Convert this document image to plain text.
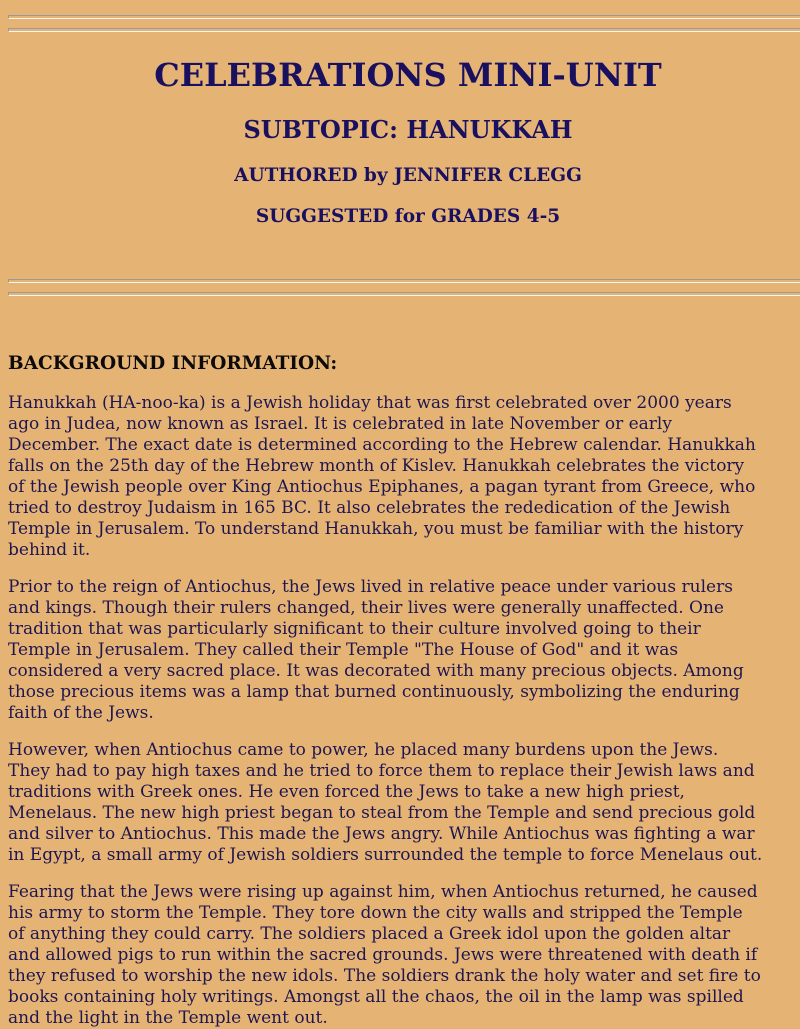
CELEBRATIONS MINI-UNIT
SUBTOPIC: HANUKKAH
AUTHORED by JENNIFER CLEGG
SUGGESTED for GRADES 4-5
BACKGROUND INFORMATION:
Hanukkah (HA-noo-ka) is a Jewish holiday that was first celebrated over 2000 years
ago in Judea, now known as Israel. It is celebrated in late November or early
December. The exact date is determined according to the Hebrew calendar. Hanukkah
falls on the 25th day of the Hebrew month of Kislev. Hanukkah celebrates the victory
of the Jewish people over King Antiochus Epiphanes, a pagan tyrant from Greece, who
tried to destroy Judaism in 165 BC. It also celebrates the rededication of the Jewish
Temple in Jerusalem. To understand Hanukkah, you must be familiar with the history
behind it.
Prior to the reign of Antiochus, the Jews lived in relative peace under various rulers
and kings. Though their rulers changed, their lives were generally unaffected. One
tradition that was particularly significant to their culture involved going to their
Temple in Jerusalem. They called their Temple "The House of God" and it was
considered a very sacred place. It was decorated with many precious objects. Among
those precious items was a lamp that burned continuously, symbolizing the enduring
faith of the Jews.
However, when Antiochus came to power, he placed many burdens upon the Jews.
They had to pay high taxes and he tried to force them to replace their Jewish laws and
traditions with Greek ones. He even forced the Jews to take a new high priest,
Menelaus. The new high priest began to steal from the Temple and send precious gold
and silver to Antiochus. This made the Jews angry. While Antiochus was fighting a war
in Egypt, a small army of Jewish soldiers surrounded the temple to force Menelaus out.
Fearing that the Jews were rising up against him, when Antiochus returned, he caused
his army to storm the Temple. They tore down the city walls and stripped the Temple
of anything they could carry. The soldiers placed a Greek idol upon the golden altar
and allowed pigs to run within the sacred grounds. Jews were threatened with death if
they refused to worship the new idols. The soldiers drank the holy water and set fire to
books containing holy writings. Amongst all the chaos, the oil in the lamp was spilled
and the light in the Temple went out.
